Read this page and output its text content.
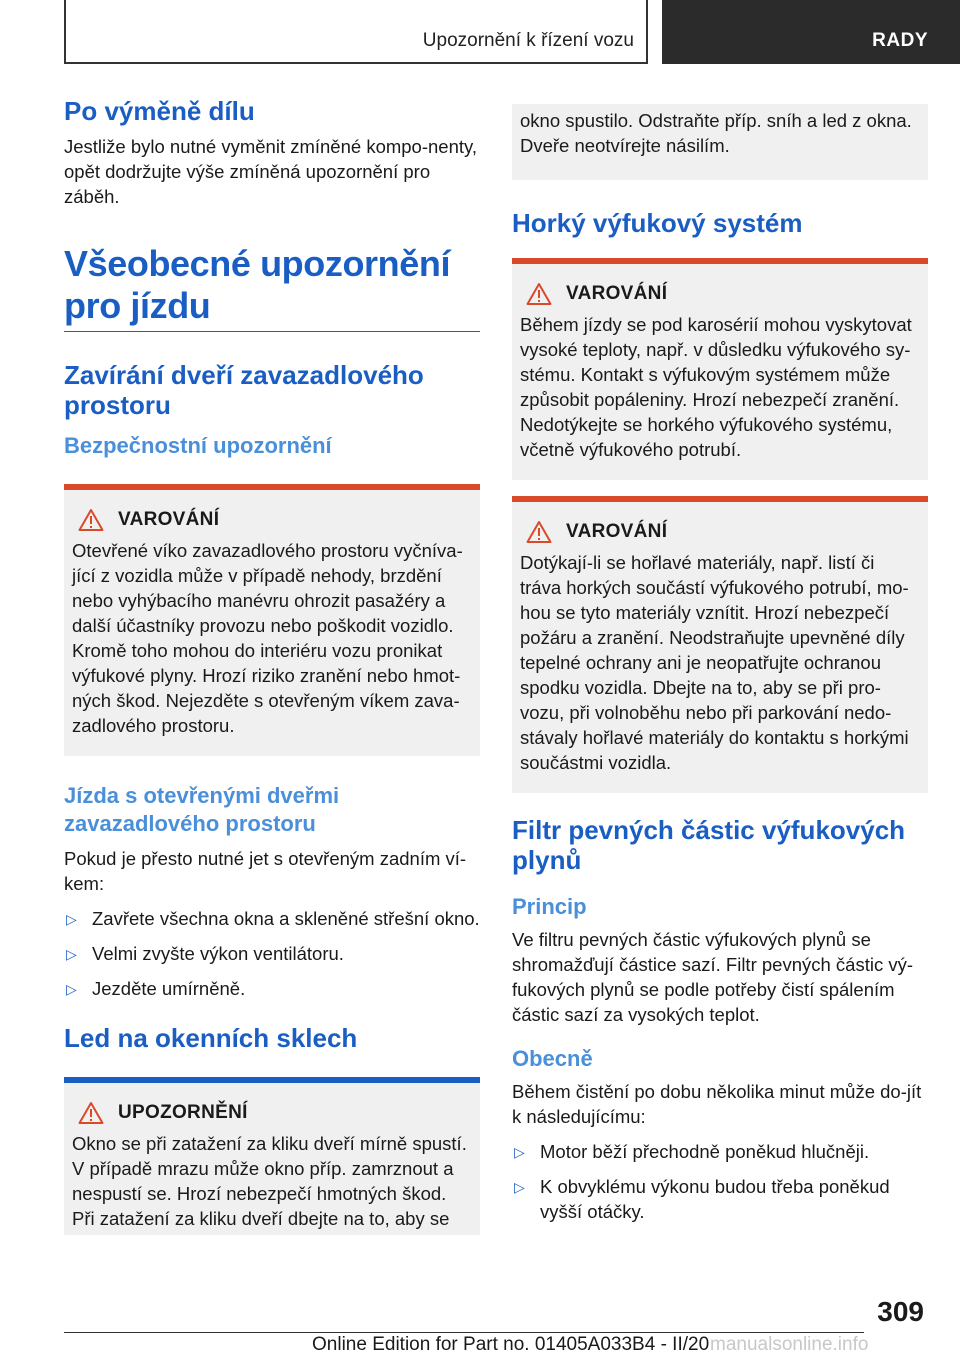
Upozornění k řízení vozu	RADY
Po výměně dílu

Jestliže bylo nutné vyměnit zmíněné kompo-nenty, opět dodržujte výše zmíněná upozornění pro záběh.

Všeobecné upozornění pro jízdu
Zavírání dveří zavazadlového prostoru
Bezpečnostní upozornění
VAROVÁNÍ

Otevřené víko zavazadlového prostoru vyčníva-jící z vozidla může v případě nehody, brzdění nebo vyhýbacího manévru ohrozit pasažéry a další účastníky provozu nebo poškodit vozidlo. Kromě toho mohou do interiéru vozu pronikat výfukové plyny. Hrozí riziko zranění nebo hmot-ných škod. Nejezděte s otevřeným víkem zava-zadlového prostoru.

Jízda s otevřenými dveřmi zavazadlového prostoru

Pokud je přesto nutné jet s otevřeným zadním ví-kem:

▷ Zavřete všechna okna a skleněné střešní okno.
▷ Velmi zvyšte výkon ventilátoru.
▷ Jezděte umírněně.
Led na okenních sklech
UPOZORNĚNÍ

Okno se při zatažení za kliku dveří mírně spustí. V případě mrazu může okno příp. zamrznout a nespustí se. Hrozí nebezpečí hmotných škod. Při zatažení za kliku dveří dbejte na to, aby se

okno spustilo. Odstraňte příp. sníh a led z okna. Dveře neotvírejte násilím.

Horký výfukový systém
VAROVÁNÍ

Během jízdy se pod karosérií mohou vyskytovat vysoké teploty, např. v důsledku výfukového sy-stému. Kontakt s výfukovým systémem může způsobit popáleniny. Hrozí nebezpečí zranění. Nedotýkejte se horkého výfukového systému, včetně výfukového potrubí.

VAROVÁNÍ

Dotýkají-li se hořlavé materiály, např. listí či tráva horkých součástí výfukového potrubí, mo-hou se tyto materiály vznítit. Hrozí nebezpečí požáru a zranění. Neodstraňujte upevněné díly tepelné ochrany ani je neopatřujte ochranou spodku vozidla. Dbejte na to, aby se při pro-vozu, při volnoběhu nebo při parkování nedo-stávaly hořlavé materiály do kontaktu s horkými součástmi vozidla.

Filtr pevných částic výfukových plynů
Princip

Ve filtru pevných částic výfukových plynů se shromažďují částice sazí. Filtr pevných částic vý-fukových plynů se podle potřeby čistí spálením částic sazí za vysokých teplot.

Obecně

Během čistění po dobu několika minut může do-jít k následujícímu:

▷ Motor běží přechodně poněkud hlučněji.
▷ K obvyklému výkonu budou třeba poněkud vyšší otáčky.
309
Online Edition for Part no. 01405A033B4 - II/20 manualsonline.info
